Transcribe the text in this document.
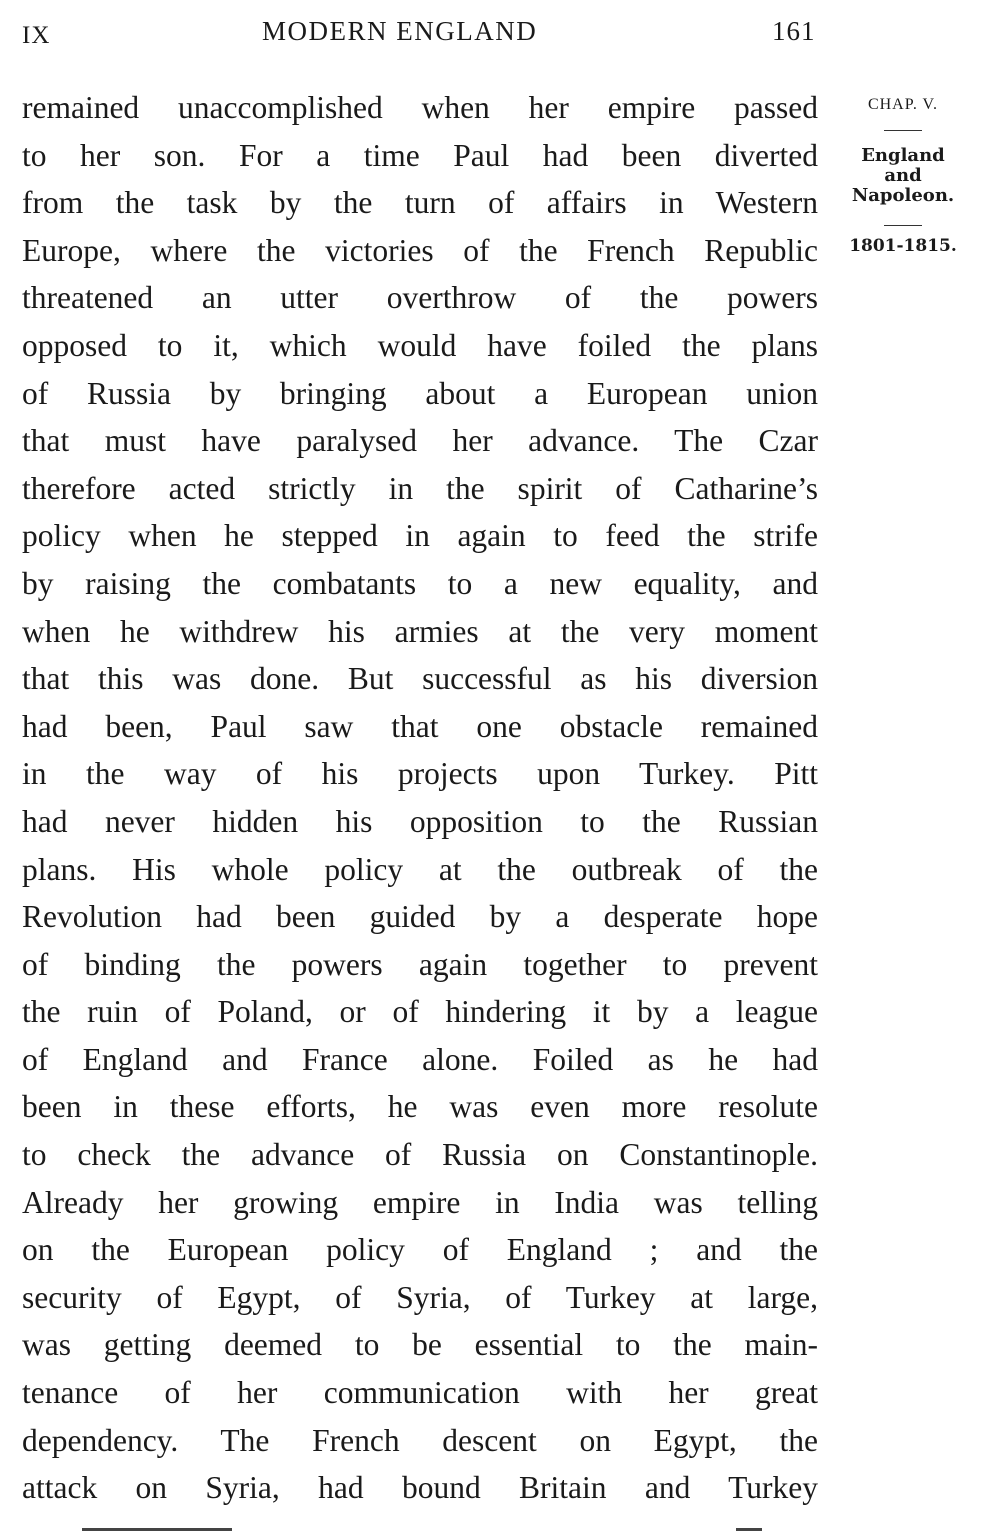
IX	MODERN ENGLAND	161
remained unaccomplished when her empire passed
to her son. For a time Paul had been diverted
from the task by the turn of affairs in Western
Europe, where the victories of the French Republic
threatened an utter overthrow of the powers
opposed to it, which would have foiled the plans
of Russia by bringing about a European union
that must have paralysed her advance. The Czar
therefore acted strictly in the spirit of Catharine’s
policy when he stepped in again to feed the strife
by raising the combatants to a new equality, and
when he withdrew his armies at the very moment
that this was done. But successful as his diversion
had been, Paul saw that one obstacle remained
in the way of his projects upon Turkey. Pitt
had never hidden his opposition to the Russian
plans. His whole policy at the outbreak of the
Revolution had been guided by a desperate hope
of binding the powers again together to prevent
the ruin of Poland, or of hindering it by a league
of England and France alone. Foiled as he had
been in these efforts, he was even more resolute
to check the advance of Russia on Constantinople.
Already her growing empire in India was telling
on the European policy of England ; and the
security of Egypt, of Syria, of Turkey at large,
was getting deemed to be essential to the main-
tenance of her communication with her great
dependency. The French descent on Egypt, the
attack on Syria, had bound Britain and Turkey
CHAP. V.
England
and
Napoleon.
1801-1815.
